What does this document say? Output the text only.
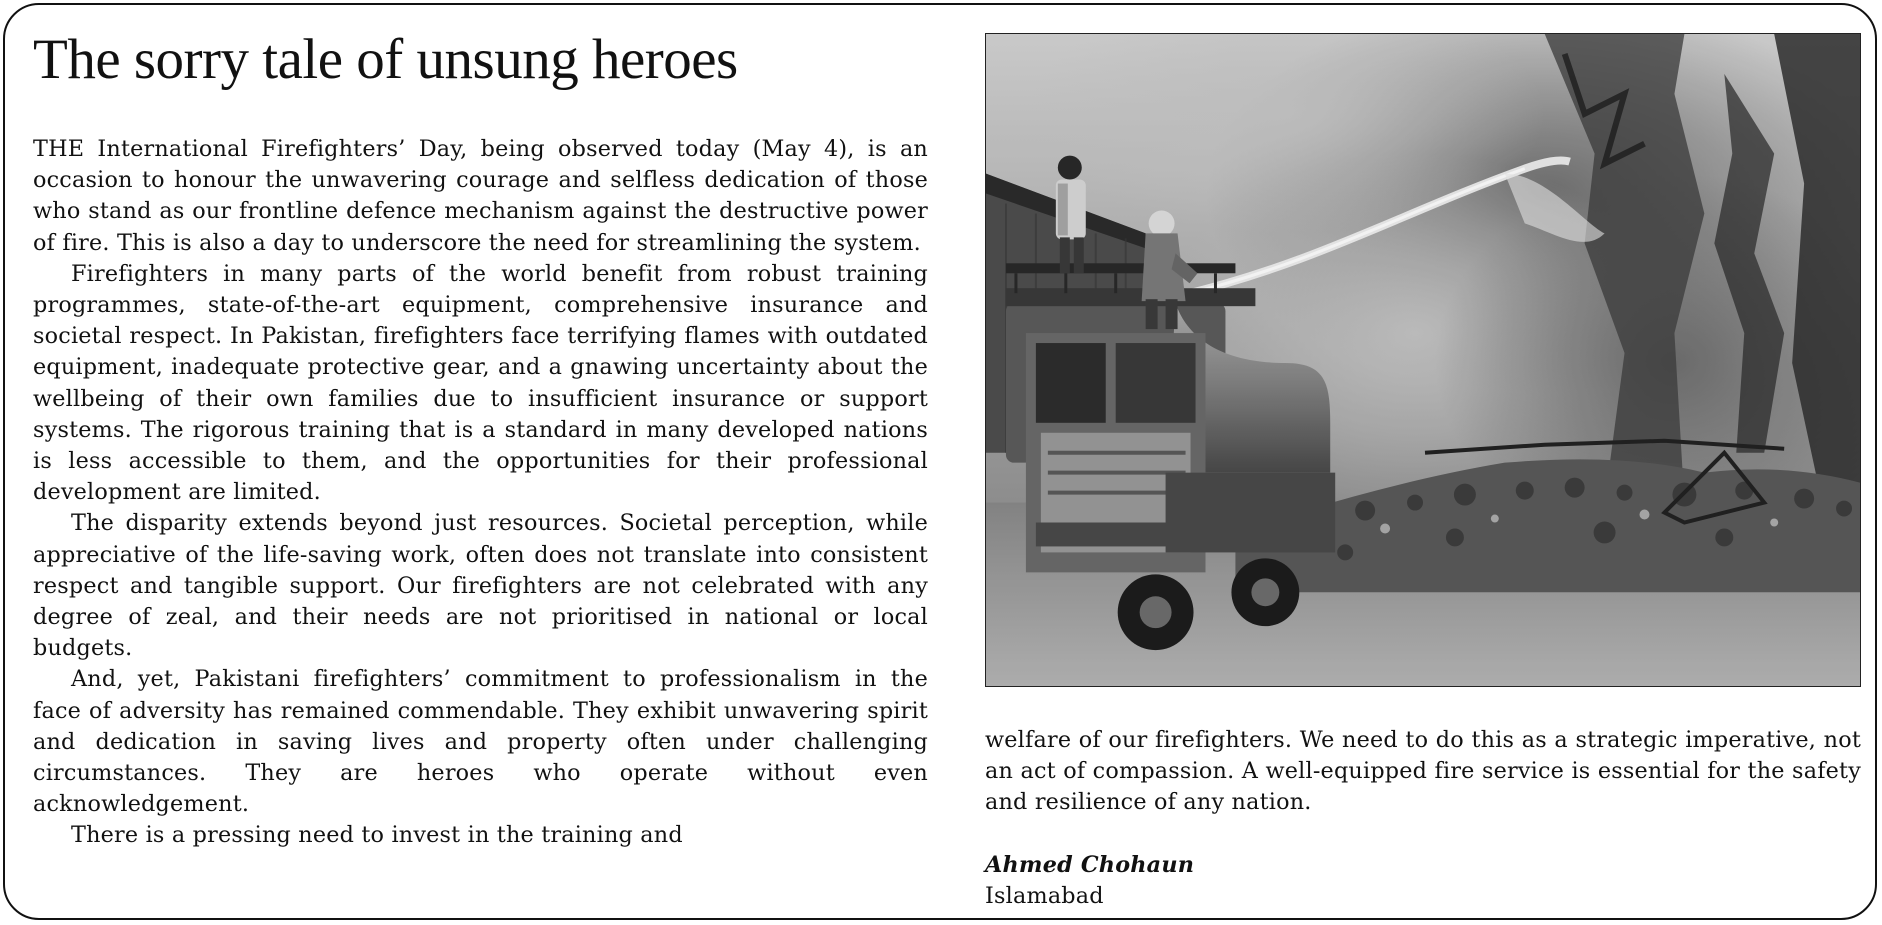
The sorry tale of unsung heroes

THE International Firefighters’ Day, being observed today (May 4), is an occasion to honour the unwavering courage and selfless dedication of those who stand as our frontline defence mechanism against the destructive power of fire. This is also a day to underscore the need for streamlining the system.

Firefighters in many parts of the world benefit from robust training programmes, state-of-the-art equipment, comprehensive insurance and societal respect. In Pakistan, firefighters face terrifying flames with outdated equipment, inadequate protective gear, and a gnawing uncertainty about the wellbeing of their own families due to insufficient insurance or support systems. The rigorous training that is a standard in many developed nations is less accessible to them, and the opportunities for their professional development are limited.

The disparity extends beyond just resources. Societal perception, while appreciative of the life-saving work, often does not translate into consistent respect and tangible support. Our firefighters are not celebrated with any degree of zeal, and their needs are not prioritised in national or local budgets.

And, yet, Pakistani firefighters’ commitment to professionalism in the face of adversity has remained commendable. They exhibit unwavering spirit and dedication in saving lives and property often under challenging circumstances. They are heroes who operate without even acknowledgement.

There is a pressing need to invest in the training and

welfare of our firefighters. We need to do this as a strategic imperative, not an act of compassion. A well-equipped fire service is essential for the safety and resilience of any nation.

Ahmed Chohaun
Islamabad
